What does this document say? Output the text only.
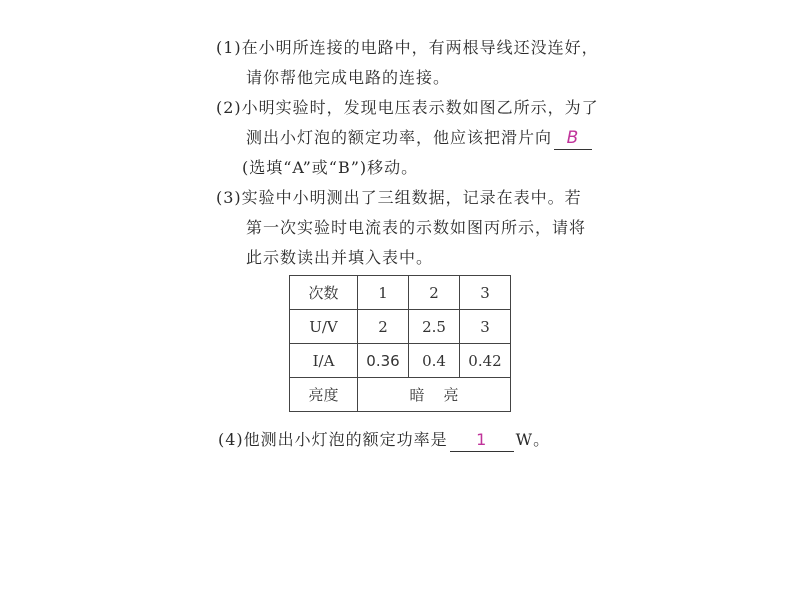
(1)在小明所连接的电路中，有两根导线还没连好，
请你帮他完成电路的连接。
(2)小明实验时，发现电压表示数如图乙所示，为了
测出小灯泡的额定功率，他应该把滑片向 B
(选填“A”或“B”)移动。
(3)实验中小明测出了三组数据，记录在表中。若
第一次实验时电流表的示数如图丙所示，请将
此示数读出并填入表中。
次数	1	2	3
U/V	2	2.5	3
I/A	0.36	0.4	0.42
亮度	暗    亮		
(4)他测出小灯泡的额定功率是 1 W。
